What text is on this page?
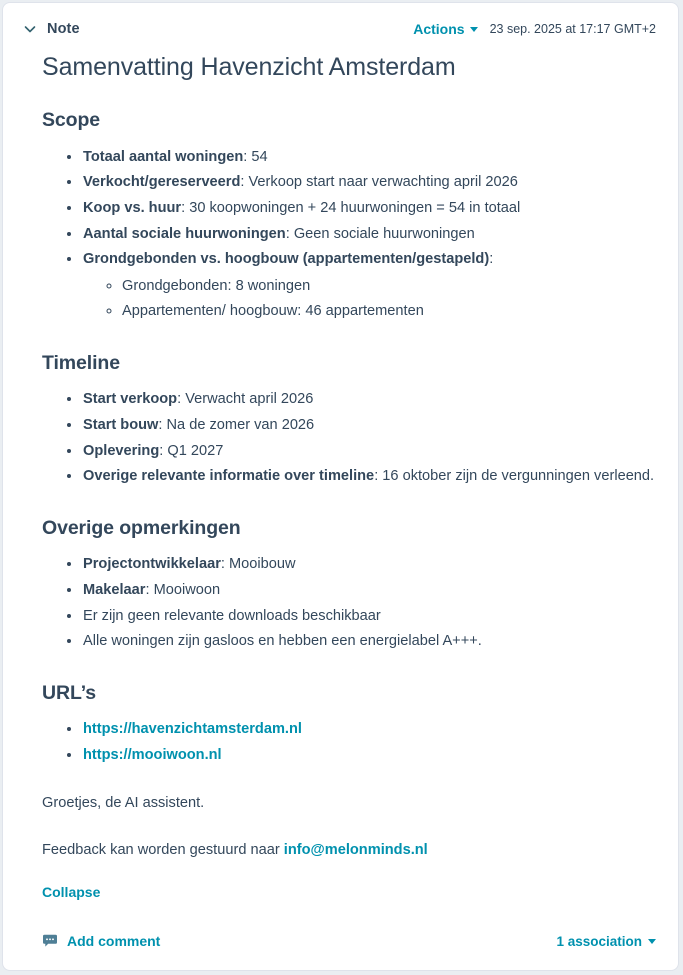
Note	Actions 23 sep. 2025 at 17:17 GMT+2
Samenvatting Havenzicht Amsterdam
Scope
• Totaal aantal woningen: 54
• Verkocht/gereserveerd: Verkoop start naar verwachting april 2026
• Koop vs. huur: 30 koopwoningen + 24 huurwoningen = 54 in totaal
• Aantal sociale huurwoningen: Geen sociale huurwoningen
• Grondgebonden vs. hoogbouw (appartementen/gestapeld):
◦ Grondgebonden: 8 woningen
◦ Appartementen/ hoogbouw: 46 appartementen
Timeline
• Start verkoop: Verwacht april 2026
• Start bouw: Na de zomer van 2026
• Oplevering: Q1 2027
• Overige relevante informatie over timeline: 16 oktober zijn de vergunningen verleend.
Overige opmerkingen
• Projectontwikkelaar: Mooibouw
• Makelaar: Mooiwoon
• Er zijn geen relevante downloads beschikbaar
• Alle woningen zijn gasloos en hebben een energielabel A+++.
URL’s
• https://havenzichtamsterdam.nl
• https://mooiwoon.nl

Groetjes, de AI assistent.

Feedback kan worden gestuurd naar info@melonminds.nl

Collapse
Add comment	1 association
